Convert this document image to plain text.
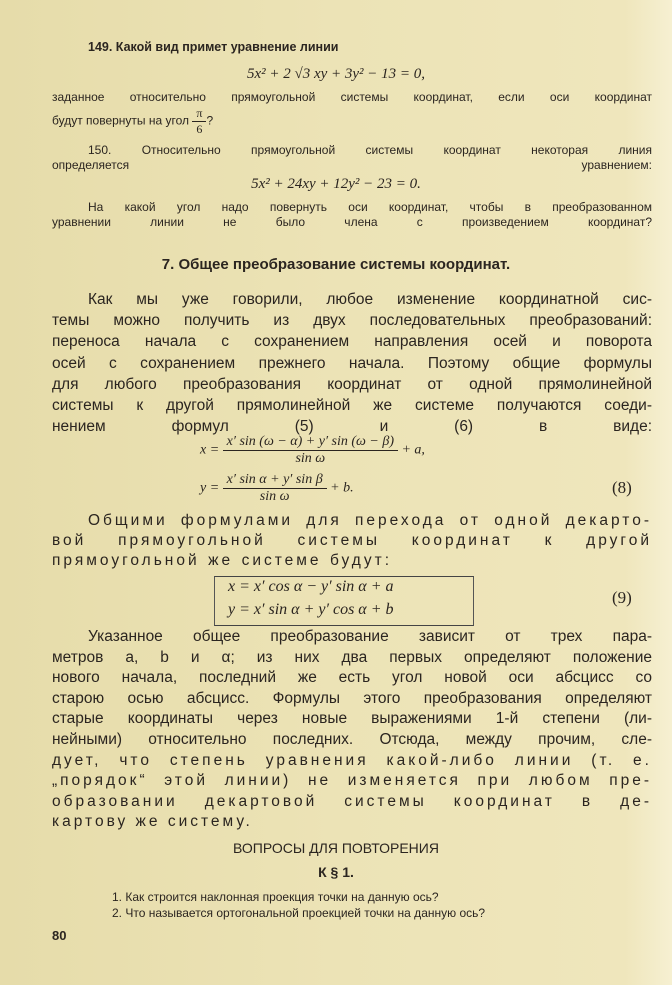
149. Какой вид примет уравнение линии
5x² + 2 √3 xy + 3y² − 13 = 0,
заданное относительно прямоугольной системы координат, если оси координат
будут повернуты на угол $\frac{\pi}{6}$ ?
150. Относительно прямоугольной системы координат некоторая линия
определяется уравнением:
5x² + 24xy + 12y² − 23 = 0.
На какой угол надо повернуть оси координат, чтобы в преобразованном
уравнении линии не было члена с произведением координат?
7. Общее преобразование системы координат.
Как мы уже говорили, любое изменение координатной сис-
темы можно получить из двух последовательных преобразований:
переноса начала с сохранением направления осей и поворота
осей с сохранением прежнего начала. Поэтому общие формулы
для любого преобразования координат от одной прямолинейной
системы к другой прямолинейной же системе получаются соеди-
нением формул (5) и (6) в виде:
$x = \frac{x' \sin (\omega - \alpha) + y' \sin (\omega - \beta)}{\text{sin ω}} + a$,
$y = \frac{\text{x′ sin α + y′ sin β}}{\text{sin ω}} + b$.	(8)
Общими формулами для перехода от одной декарто-
вой прямоугольной системы координат к другой
прямоугольной же системе будут:
x = x′ cos α − y′ sin α + a
y = x′ sin α + y′ cos α + b
(9)
Указанное общее преобразование зависит от трех пара-
метров a, b и α; из них два первых определяют положение
нового начала, последний же есть угол новой оси абсцисс со
старою осью абсцисс. Формулы этого преобразования определяют
старые координаты через новые выражениями 1-й степени (ли-
нейными) относительно последних. Отсюда, между прочим, сле-
дует, что степень уравнения какой-либо линии (т. е.
„порядок“ этой линии) не изменяется при любом пре-
образовании декартовой системы координат в де-
картову же систему.
ВОПРОСЫ ДЛЯ ПОВТОРЕНИЯ
К § 1.
1. Как строится наклонная проекция точки на данную ось?
2. Что называется ортогональной проекцией точки на данную ось?
80
